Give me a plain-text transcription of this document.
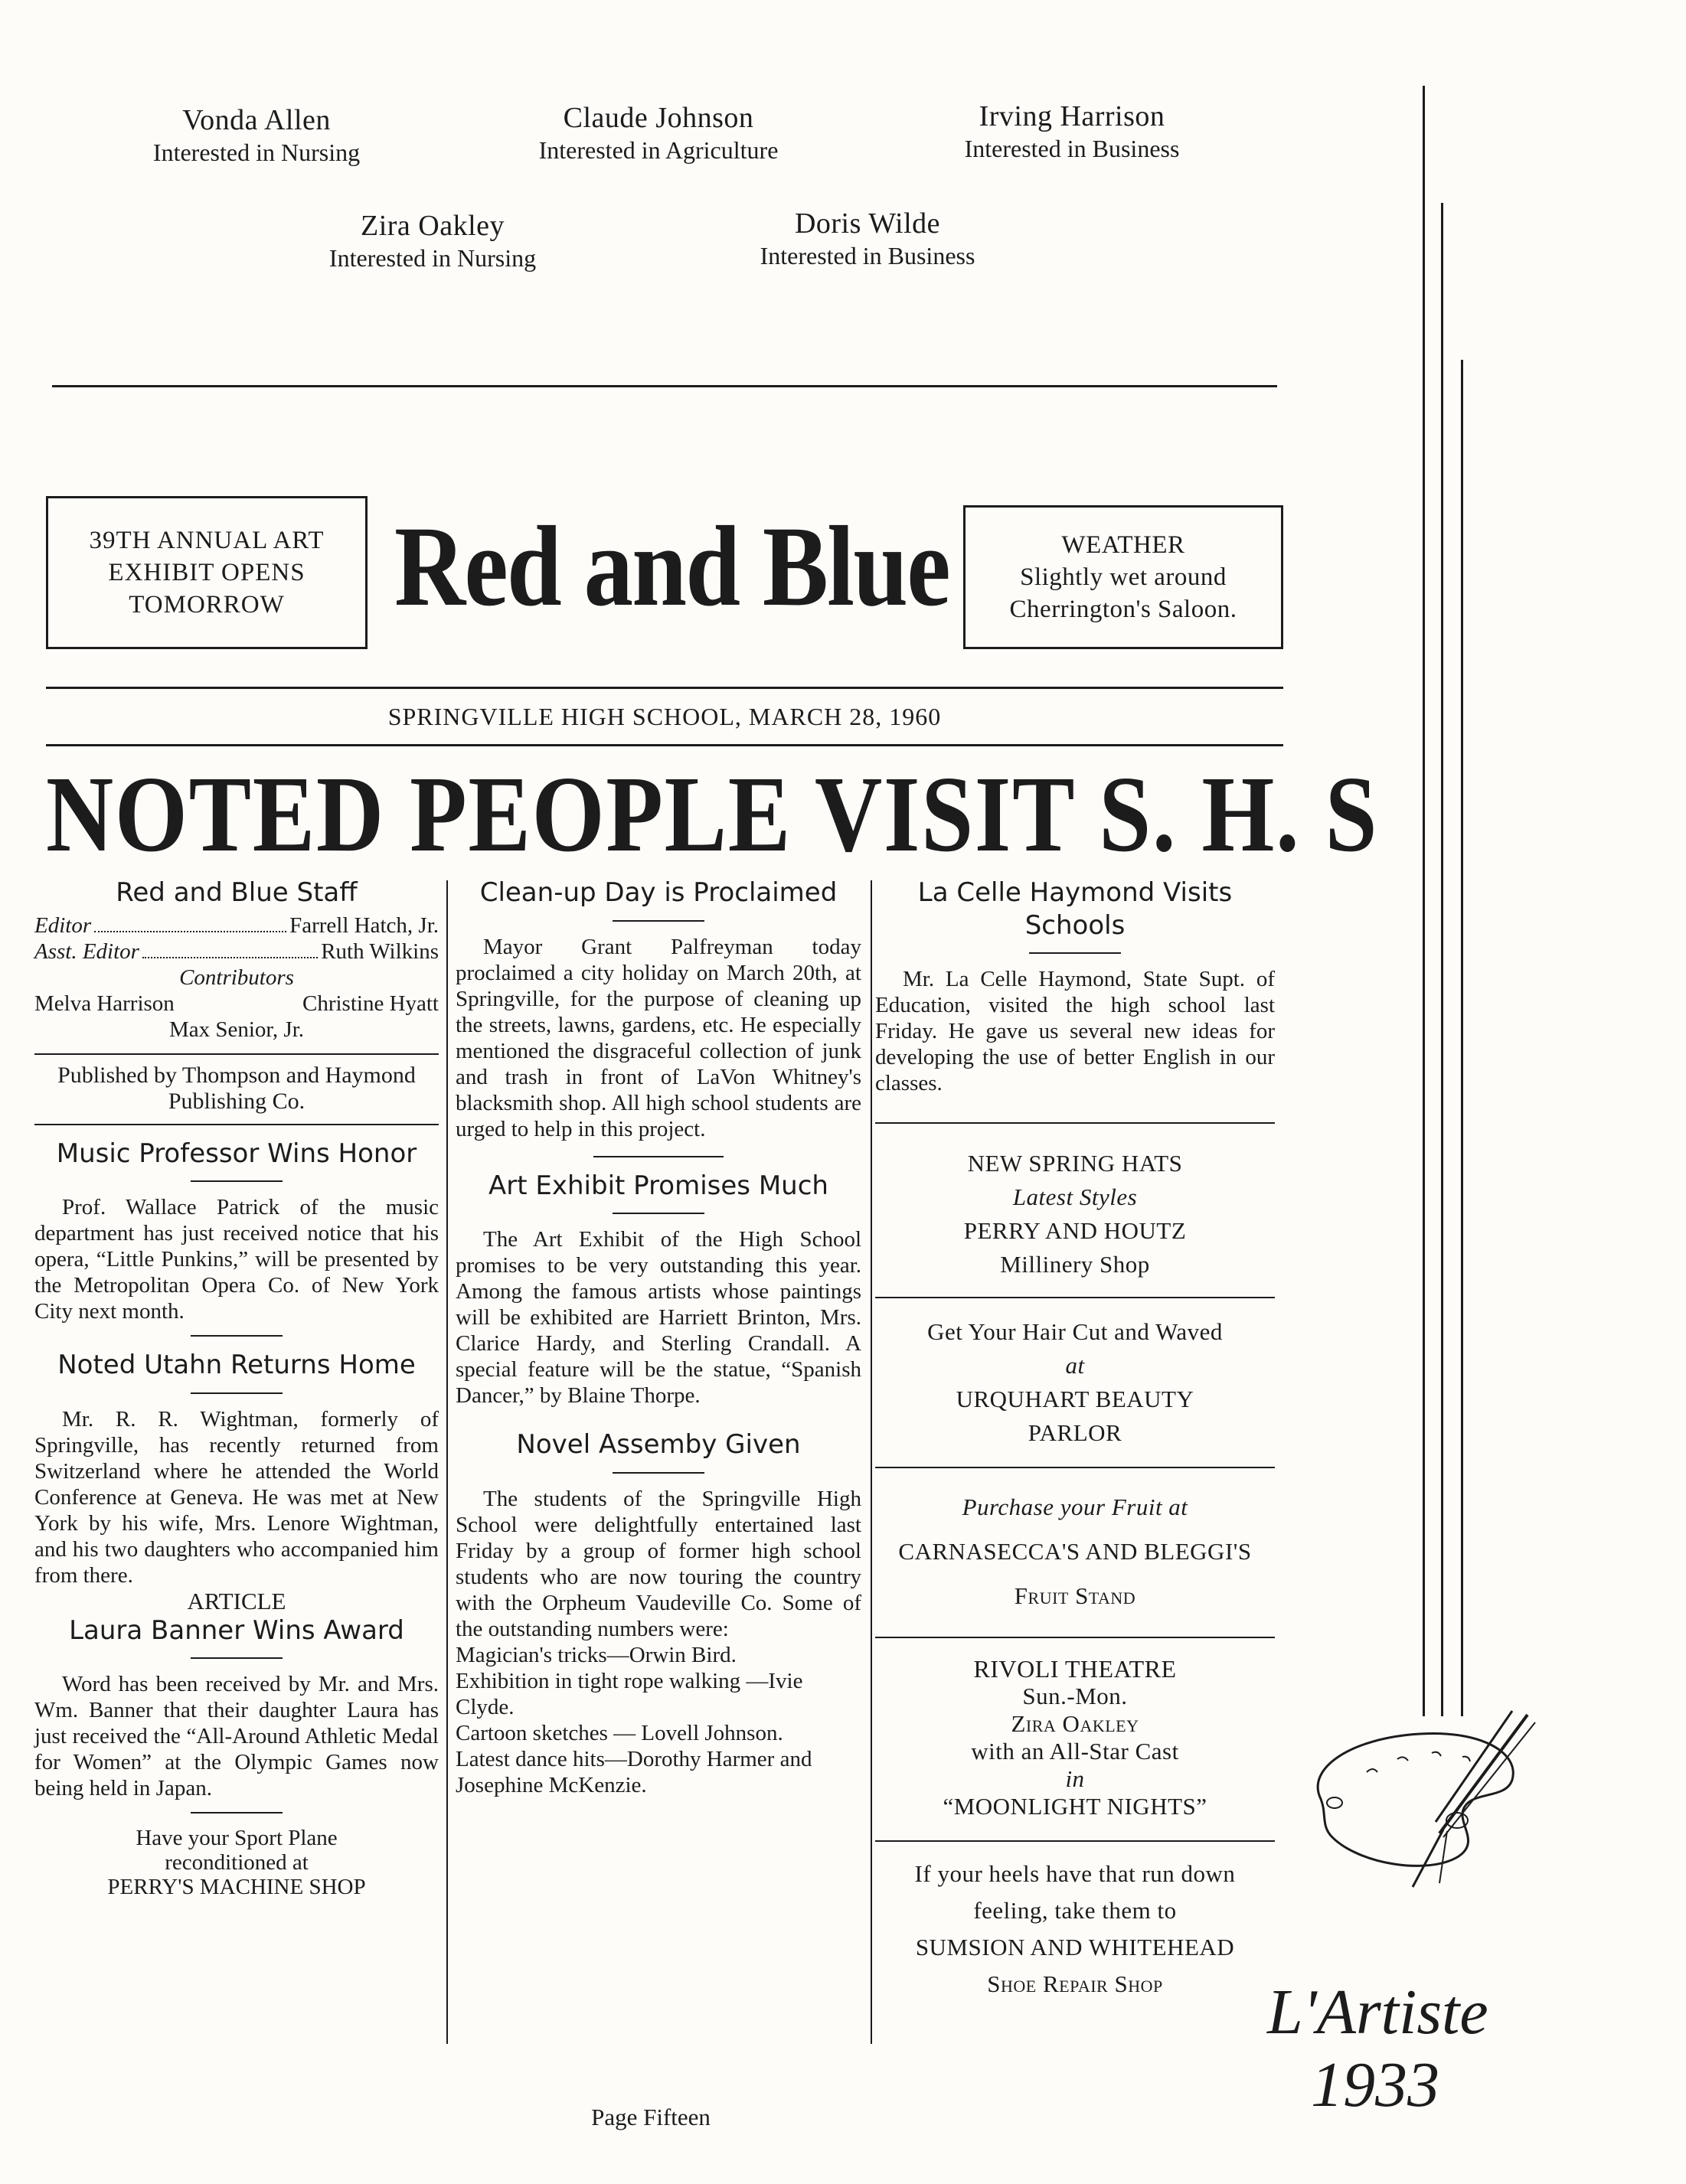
Vonda Allen
Interested in Nursing
Claude Johnson
Interested in Agriculture
Irving Harrison
Interested in Business
Zira Oakley
Interested in Nursing
Doris Wilde
Interested in Business
39TH ANNUAL ART
EXHIBIT OPENS
TOMORROW Red and Blue	WEATHER
Slightly wet around
Cherrington's Saloon.
SPRINGVILLE HIGH SCHOOL, MARCH 28, 1960
NOTED PEOPLE VISIT S. H. S
Red and Blue Staff
Editor	Farrell Hatch, Jr.
Asst. Editor	Ruth Wilkins
Contributors
Melva Harrison	Christine Hyatt
Max Senior, Jr.
Published by Thompson and Haymond Publishing Co.
Music Professor Wins Honor
Prof. Wallace Patrick of the music department has just received notice that his opera, “Little Punkins,” will be presented by the Metropolitan Opera Co. of New York City next month.
Noted Utahn Returns Home
Mr. R. R. Wightman, formerly of Springville, has recently returned from Switzerland where he attended the World Conference at Geneva. He was met at New York by his wife, Mrs. Lenore Wightman, and his two daughters who accompanied him from there.
ARTICLE
Laura Banner Wins Award
Word has been received by Mr. and Mrs. Wm. Banner that their daughter Laura has just received the “All-Around Athletic Medal for Women” at the Olympic Games now being held in Japan.
Have your Sport Plane
reconditioned at
PERRY'S MACHINE SHOP
Clean-up Day is Proclaimed
Mayor Grant Palfreyman today proclaimed a city holiday on March 20th, at Springville, for the purpose of cleaning up the streets, lawns, gardens, etc. He especially mentioned the disgraceful collection of junk and trash in front of LaVon Whitney's blacksmith shop. All high school students are urged to help in this project.
Art Exhibit Promises Much
The Art Exhibit of the High School promises to be very outstanding this year. Among the famous artists whose paintings will be exhibited are Harriett Brinton, Mrs. Clarice Hardy, and Sterling Crandall. A special feature will be the statue, “Spanish Dancer,” by Blaine Thorpe.
Novel Assemby Given
The students of the Springville High School were delightfully entertained last Friday by a group of former high school students who are now touring the country with the Orpheum Vaudeville Co. Some of the outstanding numbers were:
Magician's tricks—Orwin Bird.
Exhibition in tight rope walking —Ivie Clyde.
Cartoon sketches — Lovell Johnson.
Latest dance hits—Dorothy Harmer and Josephine McKenzie.
La Celle Haymond Visits Schools
Mr. La Celle Haymond, State Supt. of Education, visited the high school last Friday. He gave us several new ideas for developing the use of better English in our classes.
NEW SPRING HATS
Latest Styles
PERRY AND HOUTZ
Millinery Shop
Get Your Hair Cut and Waved
at
URQUHART BEAUTY
PARLOR
Purchase your Fruit at
CARNASECCA'S AND BLEGGI'S
Fruit Stand
RIVOLI THEATRE
Sun.-Mon.
Zira Oakley
with an All-Star Cast
in
“MOONLIGHT NIGHTS”
If your heels have that run down
feeling, take them to
SUMSION AND WHITEHEAD
Shoe Repair Shop	L'Artiste
1933
Page Fifteen
